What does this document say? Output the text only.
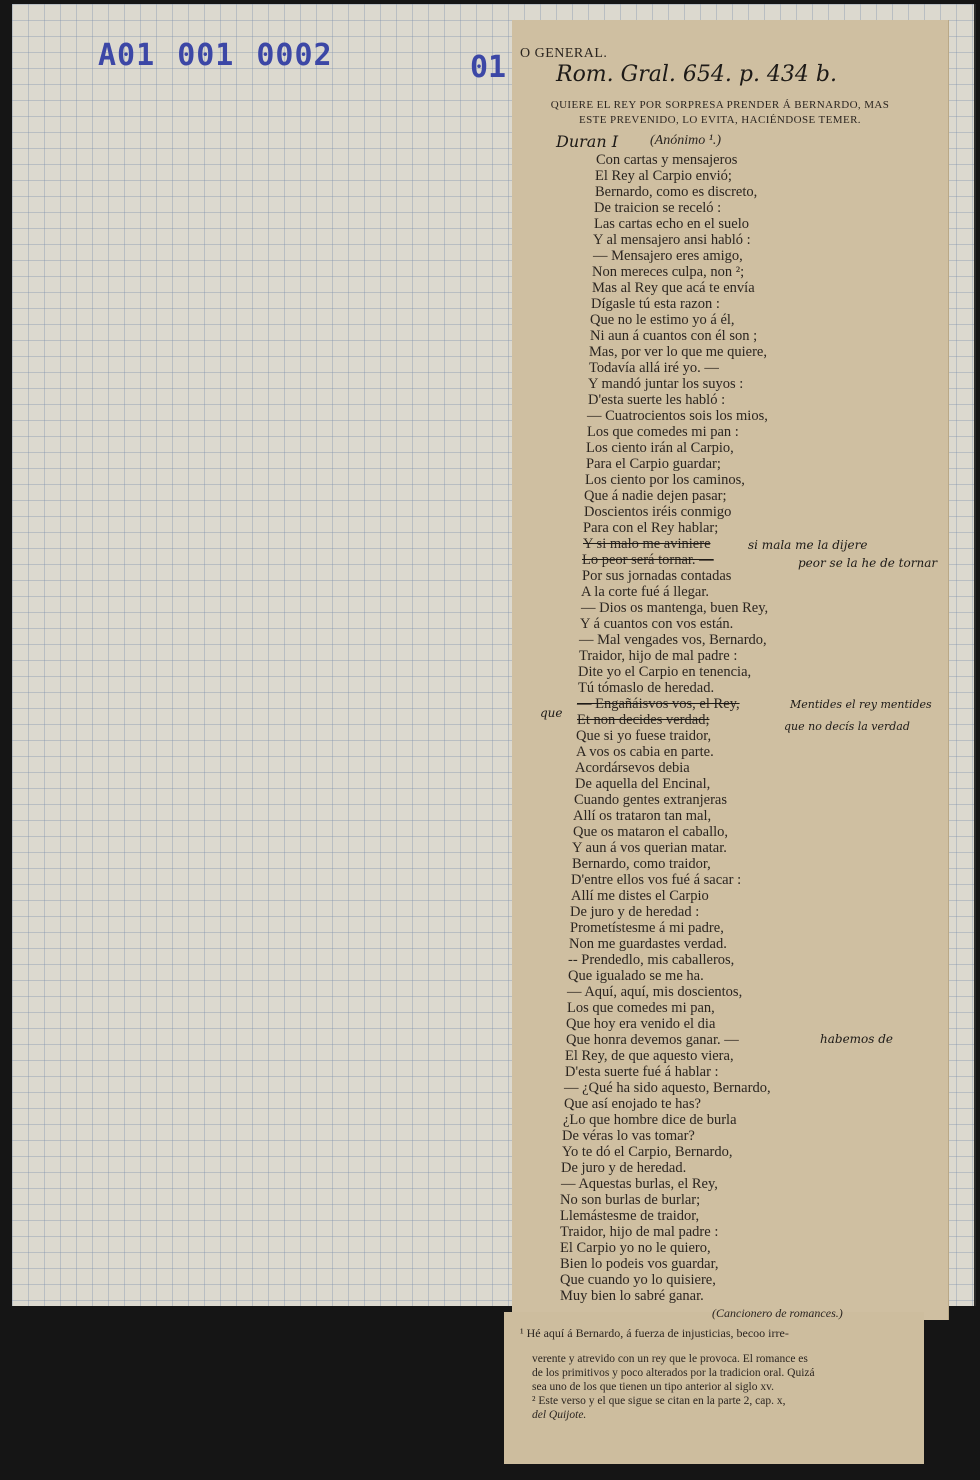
A01 001 0002	01 O GENERAL.
Rom. Gral. 654. p. 434 b.
QUIERE EL REY POR SORPRESA PRENDER Á BERNARDO, MAS
ESTE PREVENIDO, LO EVITA, HACIÉNDOSE TEMER.
Duran I (Anónimo ¹.)
Con cartas y mensajeros
El Rey al Carpio envió;
Bernardo, como es discreto,
De traicion se receló :
Las cartas echo en el suelo
Y al mensajero ansi habló :
— Mensajero eres amigo,
Non mereces culpa, non ²;
Mas al Rey que acá te envía
Dígasle tú esta razon :
Que no le estimo yo á él,
Ni aun á cuantos con él son ;
Mas, por ver lo que me quiere,
Todavía allá iré yo. —
Y mandó juntar los suyos :
D'esta suerte les habló :
— Cuatrocientos sois los mios,
Los que comedes mi pan :
Los ciento irán al Carpio,
Para el Carpio guardar;
Los ciento por los caminos,
Que á nadie dejen pasar;
Doscientos iréis conmigo
Para con el Rey hablar;
Y si malo me aviniere
Lo peor será tornar. —
Por sus jornadas contadas
A la corte fué á llegar.
— Dios os mantenga, buen Rey,
Y á cuantos con vos están.
— Mal vengades vos, Bernardo,
Traidor, hijo de mal padre :
Dite yo el Carpio en tenencia,
Tú tómaslo de heredad.
— Engañáisvos vos, el Rey,
Et non decides verdad;
Que si yo fuese traidor,
A vos os cabia en parte.
Acordársevos debia
De aquella del Encinal,
Cuando gentes extranjeras
Allí os trataron tan mal,
Que os mataron el caballo,
Y aun á vos querian matar.
Bernardo, como traidor,
D'entre ellos vos fué á sacar :
Allí me distes el Carpio
De juro y de heredad :
Prometístesme á mi padre,
Non me guardastes verdad.
-- Prendedlo, mis caballeros,
Que igualado se me ha.
— Aquí, aquí, mis doscientos,
Los que comedes mi pan,
Que hoy era venido el dia
Que honra devemos ganar. —
El Rey, de que aquesto viera,
D'esta suerte fué á hablar :
— ¿Qué ha sido aquesto, Bernardo,
Que así enojado te has?
¿Lo que hombre dice de burla
De véras lo vas tomar?
Yo te dó el Carpio, Bernardo,
De juro y de heredad.
— Aquestas burlas, el Rey,
No son burlas de burlar;
Llemástesme de traidor,
Traidor, hijo de mal padre :
El Carpio yo no le quiero,
Bien lo podeis vos guardar,
Que cuando yo lo quisiere,
Muy bien lo sabré ganar.
si mala me la dijere
peor se la he de tornar
Mentides el rey mentides
que no decís la verdad
que
habemos de
(Cancionero de romances.)
¹ Hé aquí á Bernardo, á fuerza de injusticias, becoo irre-

verente y atrevido con un rey que le provoca. El romance es

de los primitivos y poco alterados por la tradicion oral. Quizá

sea uno de los que tienen un tipo anterior al siglo xv.

² Este verso y el que sigue se citan en la parte 2, cap. x,

del Quijote.
